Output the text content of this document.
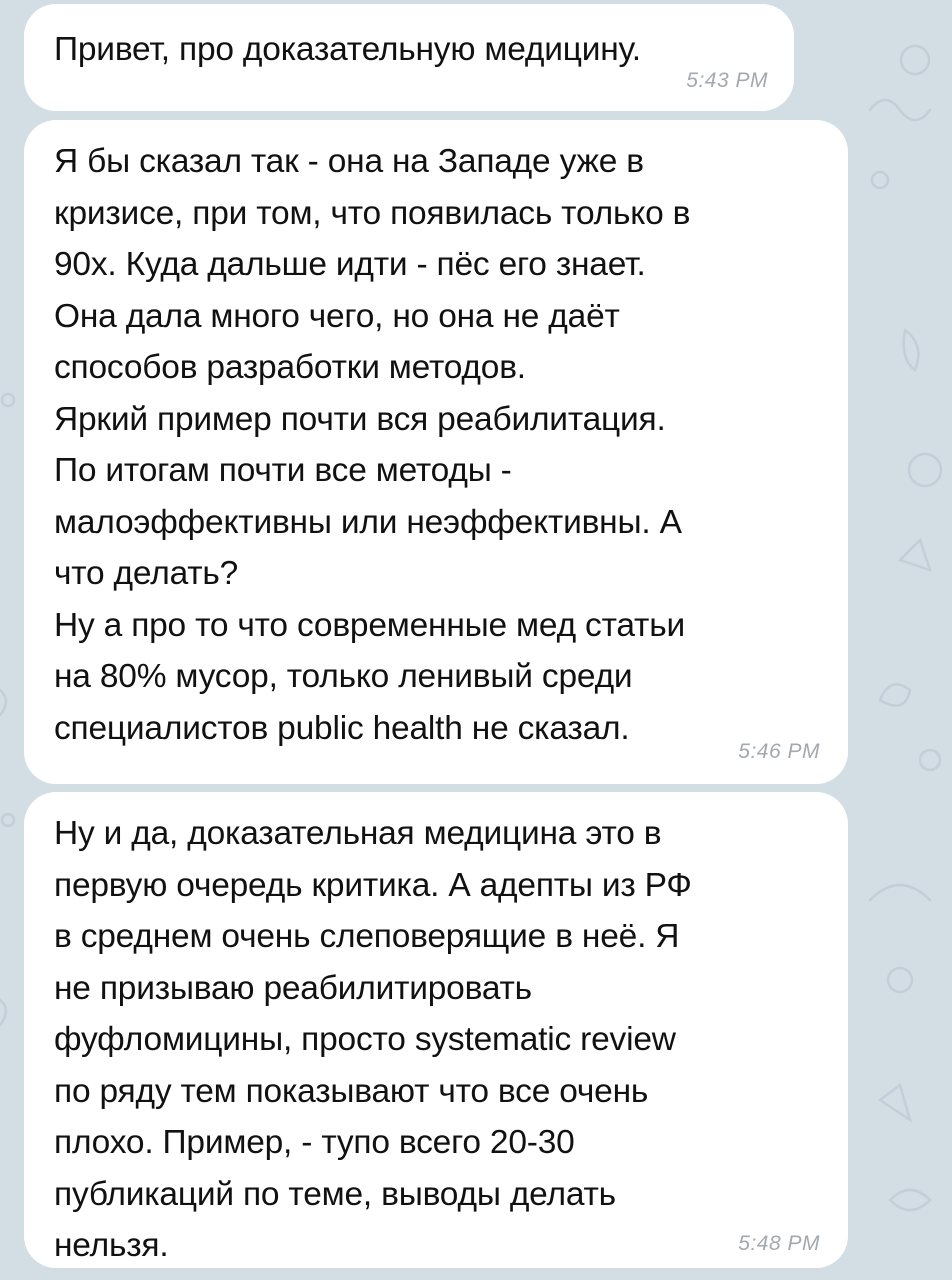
Привет, про доказательную медицину.
5:43 PM
Я бы сказал так - она на Западе уже в
кризисе, при том, что появилась только в
90х. Куда дальше идти - пёс его знает.
Она дала много чего, но она не даёт
способов разработки методов.
Яркий пример почти вся реабилитация.
По итогам почти все методы -
малоэффективны или неэффективны. А
что делать?
Ну а про то что современные мед статьи
на 80% мусор, только ленивый среди
специалистов public health не сказал.
5:46 PM
Ну и да, доказательная медицина это в
первую очередь критика. А адепты из РФ
в среднем очень слеповерящие в неё. Я
не призываю реабилитировать
фуфломицины, просто systematic review
по ряду тем показывают что все очень
плохо. Пример, - тупо всего 20-30
публикаций по теме, выводы делать
нельзя.	5:48 PM
